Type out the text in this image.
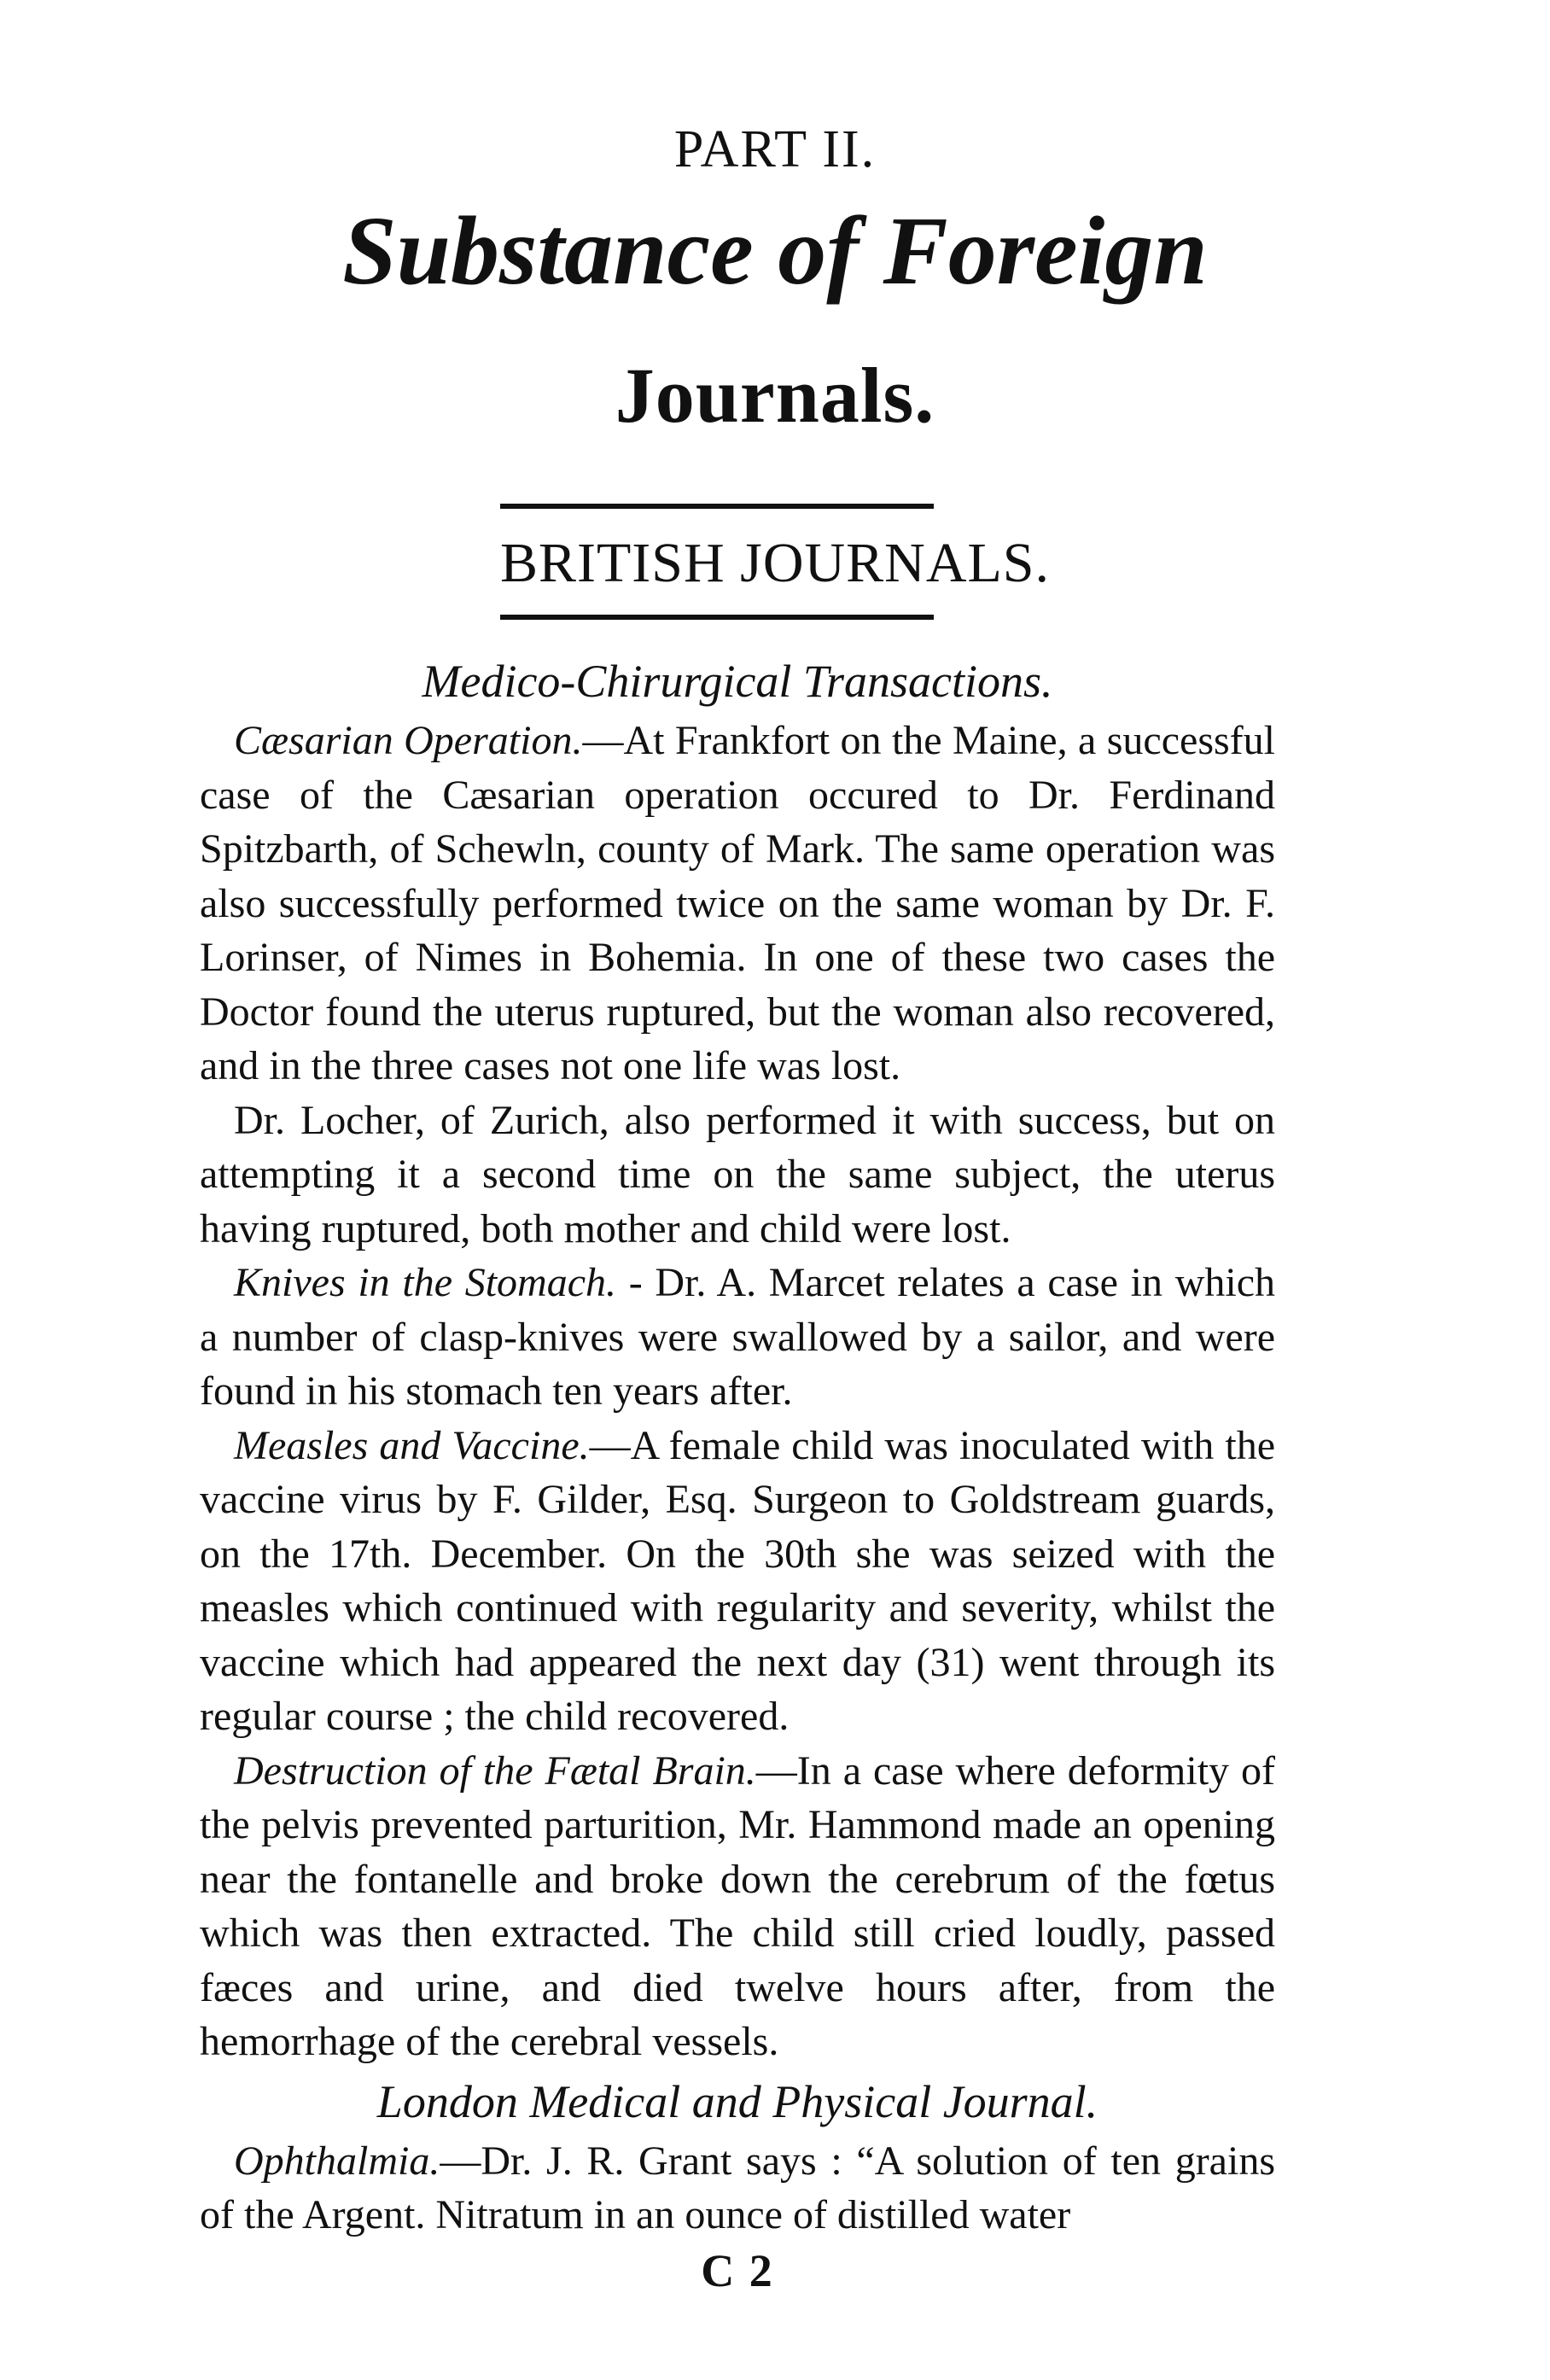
PART II.
Substance of Foreign
Journals.
BRITISH JOURNALS.
Medico-Chirurgical Transactions.

Cæsarian Operation.—At Frankfort on the Maine, a successful case of the Cæsarian operation occured to Dr. Ferdinand Spitzbarth, of Schewln, county of Mark. The same operation was also successfully performed twice on the same woman by Dr. F. Lorinser, of Nimes in Bohemia. In one of these two cases the Doctor found the uterus ruptured, but the woman also recovered, and in the three cases not one life was lost.

Dr. Locher, of Zurich, also performed it with success, but on attempting it a second time on the same subject, the uterus having ruptured, both mother and child were lost.

Knives in the Stomach. - Dr. A. Marcet relates a case in which a number of clasp-knives were swallowed by a sailor, and were found in his stomach ten years after.

Measles and Vaccine.—A female child was inoculated with the vaccine virus by F. Gilder, Esq. Surgeon to Goldstream guards, on the 17th. December. On the 30th she was seized with the measles which continued with regularity and severity, whilst the vaccine which had appeared the next day (31) went through its regular course ; the child recovered.

Destruction of the Fætal Brain.—In a case where deformity of the pelvis prevented parturition, Mr. Hammond made an opening near the fontanelle and broke down the cerebrum of the fœtus which was then extracted. The child still cried loudly, passed fæces and urine, and died twelve hours after, from the hemorrhage of the cerebral vessels.

London Medical and Physical Journal.

Ophthalmia.—Dr. J. R. Grant says : “A solution of ten grains of the Argent. Nitratum in an ounce of distilled water

C 2
